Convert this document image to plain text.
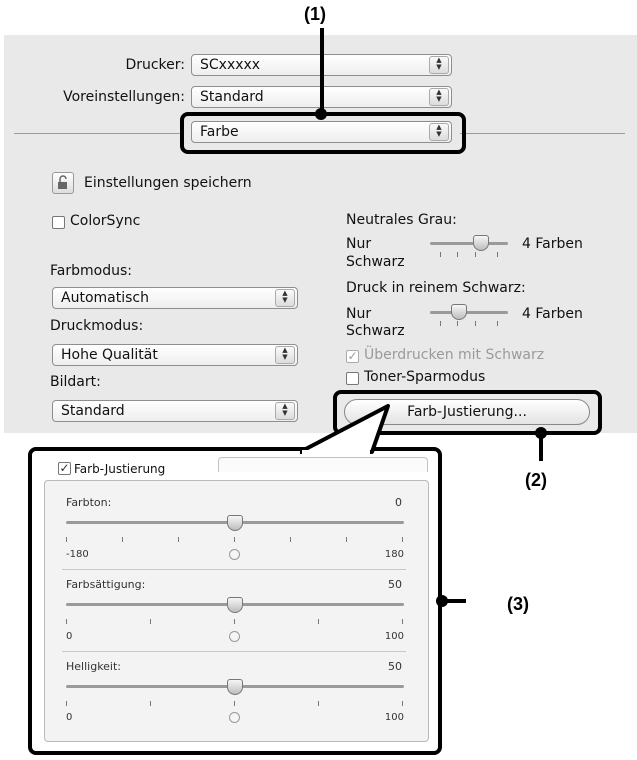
(1)
(2)
(3)
Drucker:	SCxxxxx	▲
▼
Voreinstellungen:	Standard	▲
▼
Farbe	▲
▼
Einstellungen speichern
ColorSync
Farbmodus:
Automatisch	▲
▼
Druckmodus:
Hohe Qualität	▲
▼
Bildart:
Standard	▲
▼
Neutrales Grau:
Nur
Schwarz
4 Farben
Druck in reinem Schwarz:
Nur
Schwarz
4 Farben
✓ Überdrucken mit Schwarz
Toner-Sparmodus
Farb-Justierung...
✓ Farb-Justierung
Farbton:	0
-180	180
Farbsättigung:	50
0	100
Helligkeit:	50
0	100
